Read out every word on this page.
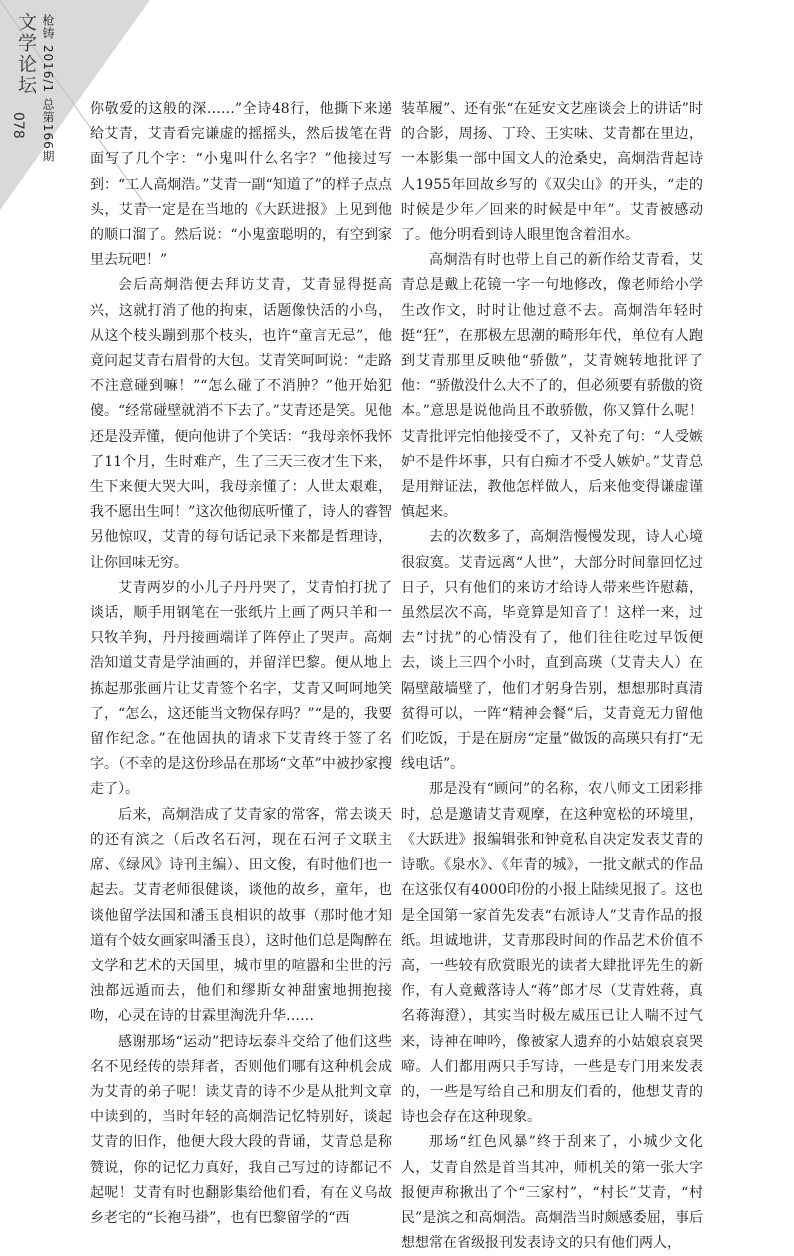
文学论坛
078 枪铸 2016/1 总第166期	你敬爱的这般的深……”全诗48行，他撕下来递给艾青，艾青看完谦虚的摇摇头，然后拔笔在背面写了几个字：“小鬼叫什么名字？”他接过写到：“工人高炯浩。”艾青一副“知道了”的样子点点头，艾青一定是在当地的《大跃进报》上见到他的顺口溜了。然后说：“小鬼蛮聪明的，有空到家里去玩吧！”

会后高炯浩便去拜访艾青，艾青显得挺高兴，这就打消了他的拘束，话题像快活的小鸟，从这个枝头蹦到那个枝头，也许“童言无忌”，他竟问起艾青右眉骨的大包。艾青笑呵呵说：“走路不注意碰到嘛！”“怎么碰了不消肿？”他开始犯傻。“经常碰壁就消不下去了。”艾青还是笑。见他还是没弄懂，便向他讲了个笑话：“我母亲怀我怀了11个月，生时难产，生了三天三夜才生下来，生下来便大哭大叫，我母亲懂了：人世太艰难，我不愿出生呵！”这次他彻底听懂了，诗人的睿智另他惊叹，艾青的每句话记录下来都是哲理诗，让你回味无穷。

艾青两岁的小儿子丹丹哭了，艾青怕打扰了谈话，顺手用钢笔在一张纸片上画了两只羊和一只牧羊狗，丹丹接画端详了阵停止了哭声。高炯浩知道艾青是学油画的，并留洋巴黎。便从地上拣起那张画片让艾青签个名字，艾青又呵呵地笑了，“怎么，这还能当文物保存吗？”“是的，我要留作纪念。”在他固执的请求下艾青终于签了名字。（不幸的是这份珍品在那场“文革”中被抄家搜走了）。

后来，高炯浩成了艾青家的常客，常去谈天的还有滨之（后改名石河，现在石河子文联主席、《绿风》诗刊主编）、田文俊，有时他们也一起去。艾青老师很健谈，谈他的故乡，童年，也谈他留学法国和潘玉良相识的故事（那时他才知道有个妓女画家叫潘玉良），这时他们总是陶醉在文学和艺术的天国里，城市里的喧嚣和尘世的污浊都远遁而去，他们和缪斯女神甜蜜地拥抱接吻，心灵在诗的甘霖里淘洗升华……

感谢那场“运动”把诗坛泰斗交给了他们这些名不见经传的崇拜者，否则他们哪有这种机会成为艾青的弟子呢！读艾青的诗不少是从批判文章中读到的，当时年轻的高炯浩记忆特别好，谈起艾青的旧作，他便大段大段的背诵，艾青总是称赞说，你的记忆力真好，我自己写过的诗都记不起呢！艾青有时也翻影集给他们看，有在义乌故乡老宅的“长袍马褂”，也有巴黎留学的“西

装革履”、还有张“在延安文艺座谈会上的讲话”时的合影，周扬、丁玲、王实味、艾青都在里边，一本影集一部中国文人的沧桑史，高炯浩背起诗人1955年回故乡写的《双尖山》的开头，“走的时候是少年／回来的时候是中年”。艾青被感动了。他分明看到诗人眼里饱含着泪水。

高炯浩有时也带上自己的新作给艾青看，艾青总是戴上花镜一字一句地修改，像老师给小学生改作文，时时让他过意不去。高炯浩年轻时挺“狂”，在那极左思潮的畸形年代，单位有人跑到艾青那里反映他“骄傲”，艾青婉转地批评了他：“骄傲没什么大不了的，但必须要有骄傲的资本。”意思是说他尚且不敢骄傲，你又算什么呢！艾青批评完怕他接受不了，又补充了句：“人受嫉妒不是件坏事，只有白痴才不受人嫉妒。”艾青总是用辩证法，教他怎样做人，后来他变得谦虚谨慎起来。

去的次数多了，高炯浩慢慢发现，诗人心境很寂寞。艾青远离“人世”，大部分时间靠回忆过日子，只有他们的来访才给诗人带来些许慰藉，虽然层次不高，毕竟算是知音了！这样一来，过去“讨扰”的心情没有了，他们往往吃过早饭便去，谈上三四个小时，直到高瑛（艾青夫人）在隔壁敲墙壁了，他们才躬身告别，想想那时真清贫得可以，一阵“精神会餐”后，艾青竟无力留他们吃饭，于是在厨房“定量”做饭的高瑛只有打“无线电话”。

那是没有“顾问”的名称，农八师文工团彩排时，总是邀请艾青观摩，在这种宽松的环境里，《大跃进》报编辑张和钟竟私自决定发表艾青的诗歌。《泉水》、《年青的城》，一批文献式的作品在这张仅有4000印份的小报上陆续见报了。这也是全国第一家首先发表“右派诗人”艾青作品的报纸。坦诚地讲，艾青那段时间的作品艺术价值不高，一些较有欣赏眼光的读者大肆批评先生的新作，有人竟戴落诗人“蒋”郎才尽（艾青姓蒋，真名蒋海澄），其实当时极左威压已让人喘不过气来，诗神在呻吟，像被家人遗弃的小姑娘哀哀哭啼。人们都用两只手写诗，一些是专门用来发表的，一些是写给自己和朋友们看的，他想艾青的诗也会存在这种现象。

那场“红色风暴”终于刮来了，小城少文化人，艾青自然是首当其冲，师机关的第一张大字报便声称揪出了个“三家村”，“村长”艾青，“村民”是滨之和高炯浩。高炯浩当时颇感委屈，事后想想常在省级报刊发表诗文的只有他们两人，
